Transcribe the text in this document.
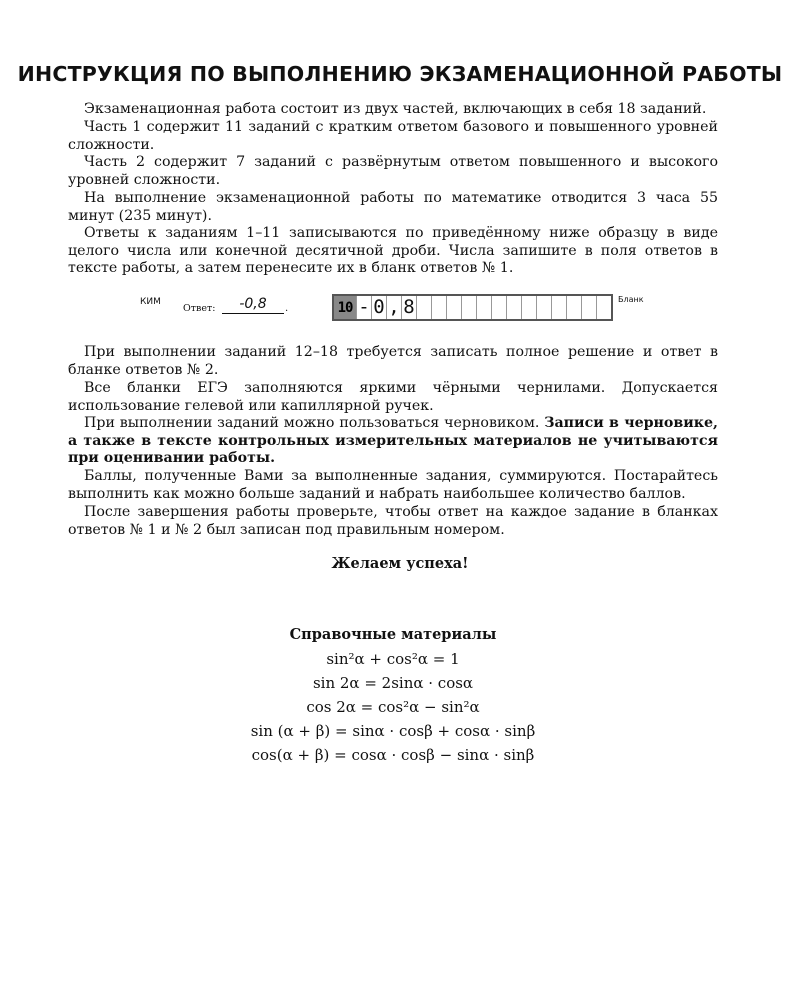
ИНСТРУКЦИЯ ПО ВЫПОЛНЕНИЮ ЭКЗАМЕНАЦИОННОЙ РАБОТЫ

Экзаменационная работа состоит из двух частей, включающих в себя 18 заданий.

Часть 1 содержит 11 заданий с кратким ответом базового и повышенного уровней сложности.

Часть 2 содержит 7 заданий с развёрнутым ответом повышенного и высокого уровней сложности.

На выполнение экзаменационной работы по математике отводится 3 часа 55 минут (235 минут).

Ответы к заданиям 1–11 записываются по приведённому ниже образцу в виде целого числа или конечной десятичной дроби. Числа запишите в поля ответов в тексте работы, а затем перенесите их в бланк ответов № 1.

КИМ
Ответ:	-0,8	.	10 - 0 , 8	Бланк

При выполнении заданий 12–18 требуется записать полное решение и ответ в бланке ответов № 2.

Все бланки ЕГЭ заполняются яркими чёрными чернилами. Допускается использование гелевой или капиллярной ручек.

При выполнении заданий можно пользоваться черновиком. Записи в черновике, а также в тексте контрольных измерительных материалов не учитываются при оценивании работы.

Баллы, полученные Вами за выполненные задания, суммируются. Постарайтесь выполнить как можно больше заданий и набрать наибольшее количество баллов.

После завершения работы проверьте, чтобы ответ на каждое задание в бланках ответов № 1 и № 2 был записан под правильным номером.

Желаем успеха!

Справочные материалы

sin²α + cos²α = 1

sin 2α = 2sinα · cosα

cos 2α = cos²α − sin²α

sin (α + β) = sinα · cosβ + cosα · sinβ

cos(α + β) = cosα · cosβ − sinα · sinβ
